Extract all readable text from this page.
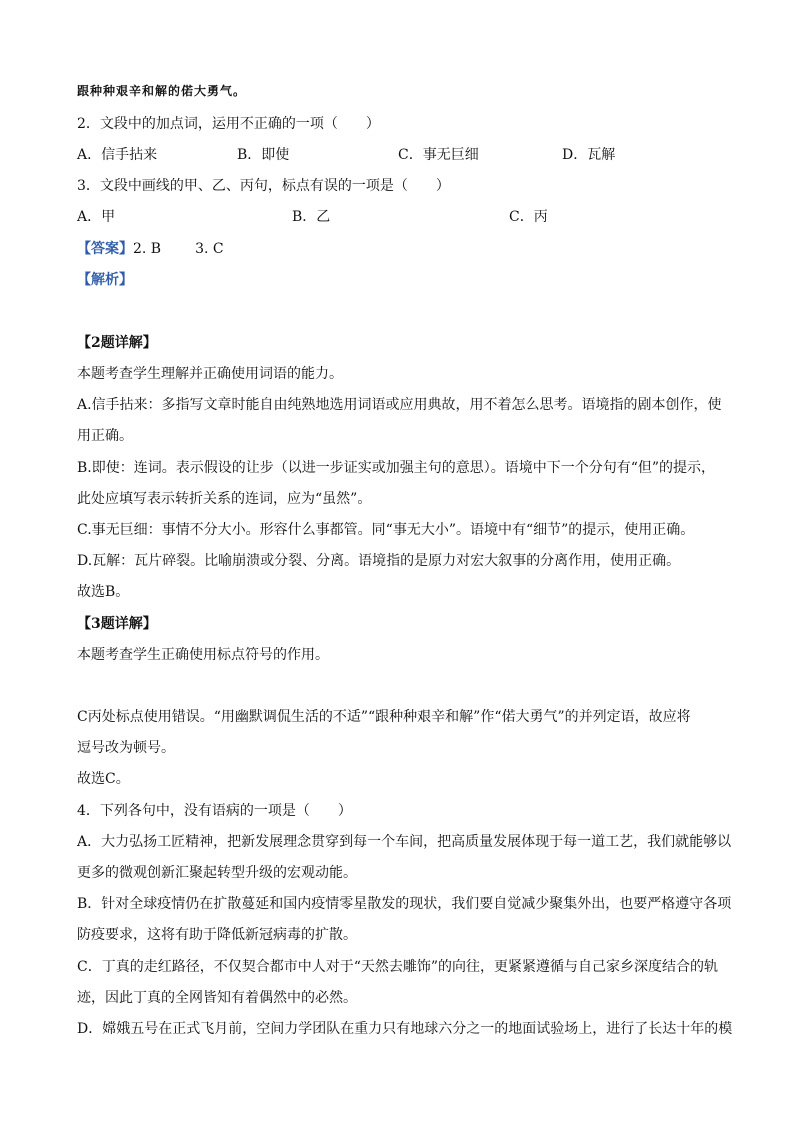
跟种种艰辛和解的偌大勇气。
2．文段中的加点词，运用不正确的一项（　　）
A．信手拈来	B．即使	C．事无巨细	D．瓦解
3．文段中画线的甲、乙、丙句，标点有误的一项是（　　）
A．甲	B．乙	C．丙
【答案】2. B 3. C
【解析】
【2题详解】
本题考查学生理解并正确使用词语的能力。
A.信手拈来：多指写文章时能自由纯熟地选用词语或应用典故，用不着怎么思考。语境指的剧本创作，使
用正确。
B.即使：连词。表示假设的让步（以进一步证实或加强主句的意思）。语境中下一个分句有“但”的提示，
此处应填写表示转折关系的连词，应为“虽然”。
C.事无巨细：事情不分大小。形容什么事都管。同“事无大小”。语境中有“细节”的提示，使用正确。
D.瓦解：瓦片碎裂。比喻崩溃或分裂、分离。语境指的是原力对宏大叙事的分离作用，使用正确。
故选B。
【3题详解】
本题考查学生正确使用标点符号的作用。
C丙处标点使用错误。“用幽默调侃生活的不适”“跟种种艰辛和解”作“偌大勇气”的并列定语，故应将
逗号改为顿号。
故选C。
4．下列各句中，没有语病的一项是（　　）
A．大力弘扬工匠精神，把新发展理念贯穿到每一个车间，把高质量发展体现于每一道工艺，我们就能够以
更多的微观创新汇聚起转型升级的宏观动能。
B．针对全球疫情仍在扩散蔓延和国内疫情零星散发的现状，我们要自觉减少聚集外出，也要严格遵守各项
防疫要求，这将有助于降低新冠病毒的扩散。
C．丁真的走红路径，不仅契合都市中人对于“天然去雕饰”的向往，更紧紧遵循与自己家乡深度结合的轨
迹，因此丁真的全网皆知有着偶然中的必然。
D．嫦娥五号在正式飞月前，空间力学团队在重力只有地球六分之一的地面试验场上，进行了长达十年的模
